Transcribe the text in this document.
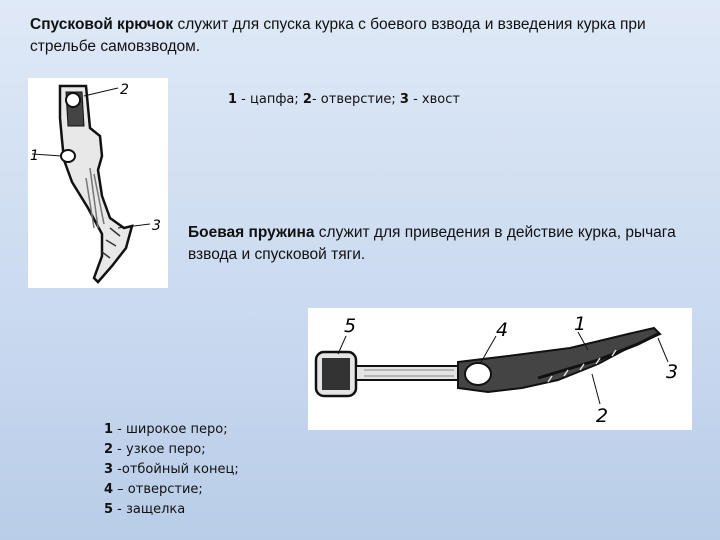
Спусковой крючок служит для спуска курка с боевого взвода и взведения курка при стрельбе самовзводом.
1
2
3
1 - цапфа; 2- отверстие; 3 - хвост
Боевая пружина служит для приведения в действие курка, рычага взвода и спусковой тяги.
5	4	1
2
3
1 - широкое перо;
2 - узкое перо;
3 -отбойный конец;
4 – отверстие;
5 - защелка
